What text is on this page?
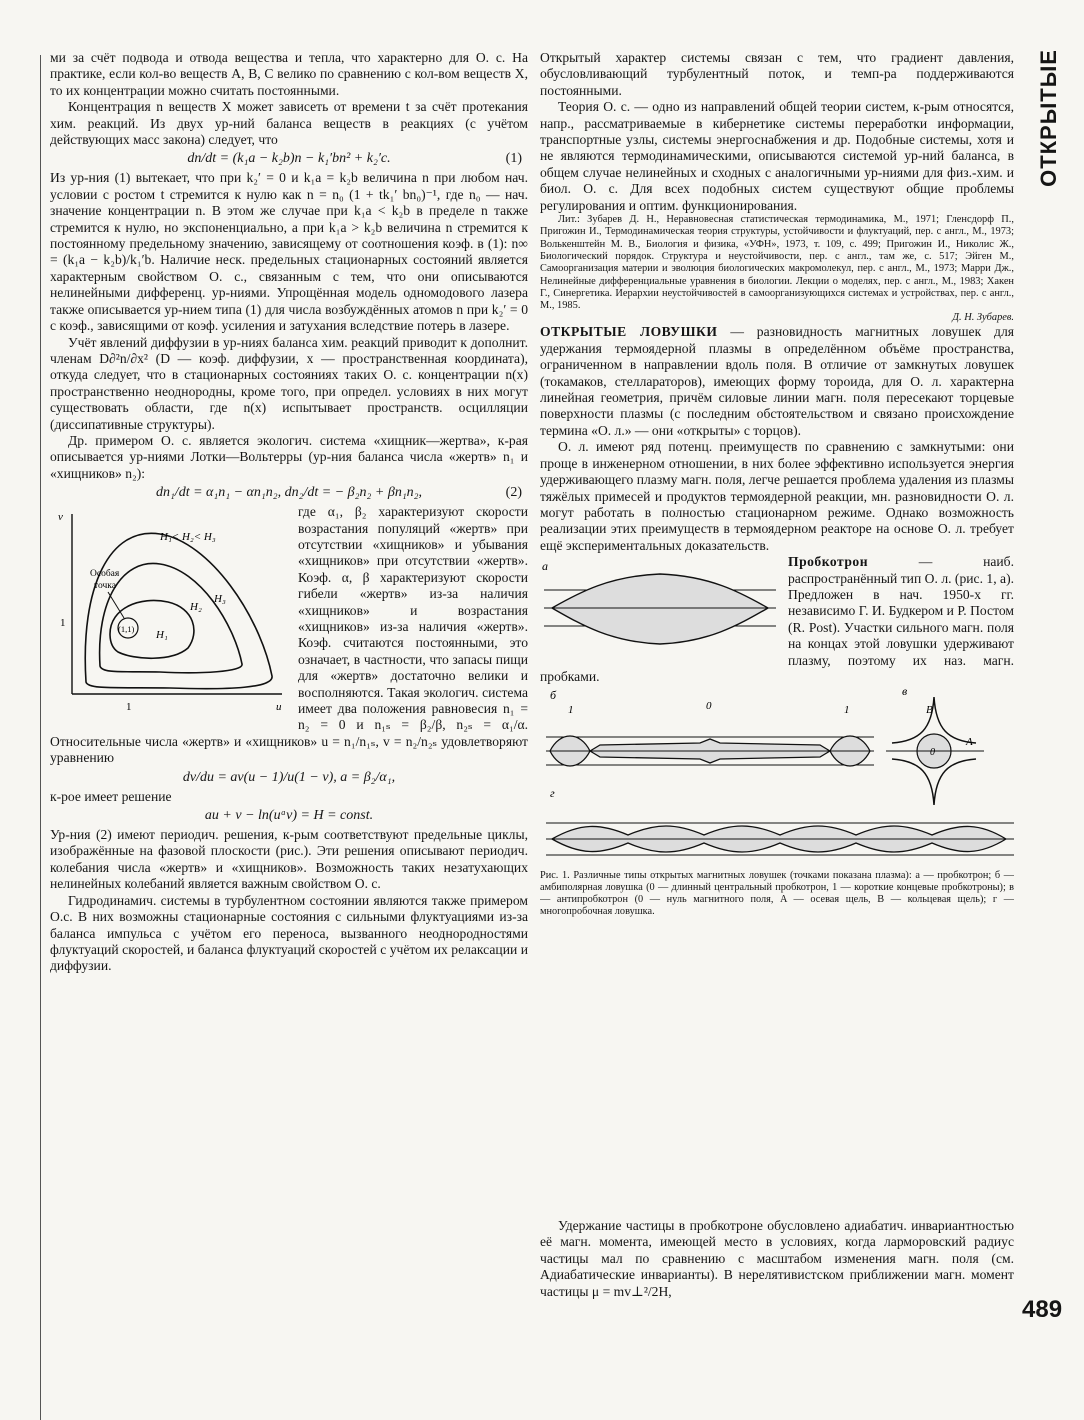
ОТКРЫТЫЕ

ми за счёт подвода и отвода вещества и тепла, что характерно для О. с. На практике, если кол-во веществ A, B, C велико по сравнению с кол-вом веществ X, то их концентрации можно считать постоянными.

Концентрация n веществ X может зависеть от времени t за счёт протекания хим. реакций. Из двух ур-ний баланса веществ в реакциях (с учётом действующих масс закона) следует, что

dn/dt = (k₁a − k₂b)n − k₁′bn² + k₂′c.	(1)

Из ур-ния (1) вытекает, что при k₂′ = 0 и k₁a = k₂b величина n при любом нач. условии с ростом t стремится к нулю как n = n₀ (1 + tk₁′ bn₀)⁻¹, где n₀ — нач. значение концентрации n. В этом же случае при k₁a < k₂b в пределе n также стремится к нулю, но экспоненциально, а при k₁a > k₂b величина n стремится к постоянному предельному значению, зависящему от соотношения коэф. в (1): n∞ = (k₁a − k₂b)/k₁′b. Наличие неск. предельных стационарных состояний является характерным свойством О. с., связанным с тем, что они описываются нелинейными дифференц. ур-ниями. Упрощённая модель одномодового лазера также описывается ур-нием типа (1) для числа возбуждённых атомов n при k₂′ = 0 с коэф., зависящими от коэф. усиления и затухания вследствие потерь в лазере.

Учёт явлений диффузии в ур-ниях баланса хим. реакций приводит к дополнит. членам D∂²n/∂x² (D — коэф. диффузии, x — пространственная координата), откуда следует, что в стационарных состояниях таких О. с. концентрации n(x) пространственно неоднородны, кроме того, при определ. условиях в них могут существовать области, где n(x) испытывает пространств. осцилляции (диссипативные структуры).

Др. примером О. с. является экологич. система «хищник—жертва», к-рая описывается ур-ниями Лотки—Вольтерры (ур-ния баланса числа «жертв» n₁ и «хищников» n₂):

dn₁/dt = α₁n₁ − αn₁n₂, dn₂/dt = − β₂n₂ + βn₁n₂,	(2)
v
u
1
1	(1,1)
Особая
точка
H₁< H₂< H₃
H₁
H₂
H₃

где α₁, β₂ характеризуют скорости возрастания популяций «жертв» при отсутствии «хищников» и убывания «хищников» при отсутствии «жертв». Коэф. α, β характеризуют скорости гибели «жертв» из-за наличия «хищников» и возрастания «хищников» из-за наличия «жертв». Коэф. считаются постоянными, это означает, в частности, что запасы пищи для «жертв» достаточно велики и восполняются. Такая экологич. система имеет два положения равновесия n₁ = n₂ = 0 и n₁ₛ = β₂/β, n₂ₛ = α₁/α. Относительные числа «жертв» и «хищников» u = n₁/n₁ₛ, v = n₂/n₂ₛ удовлетворяют уравнению

dv/du = av(u − 1)/u(1 − v), a = β₂/α₁,

к-рое имеет решение

au + v − ln(uᵃv) = H = const.

Ур-ния (2) имеют периодич. решения, к-рым соответствуют предельные циклы, изображённые на фазовой плоскости (рис.). Эти решения описывают периодич. колебания числа «жертв» и «хищников». Возможность таких незатухающих нелинейных колебаний является важным свойством О. с.

Гидродинамич. системы в турбулентном состоянии являются также примером О.с. В них возможны стационарные состояния с сильными флуктуациями из-за баланса импульса с учётом его переноса, вызванного неоднородностями флуктуаций скоростей, и баланса флуктуаций скоростей с учётом их релаксации и диффузии.

Открытый характер системы связан с тем, что градиент давления, обусловливающий турбулентный поток, и темп-ра поддерживаются постоянными.

Теория О. с. — одно из направлений общей теории систем, к-рым относятся, напр., рассматриваемые в кибернетике системы переработки информации, транспортные узлы, системы энергоснабжения и др. Подобные системы, хотя и не являются термодинамическими, описываются системой ур-ний баланса, в общем случае нелинейных и сходных с аналогичными ур-ниями для физ.-хим. и биол. О. с. Для всех подобных систем существуют общие проблемы регулирования и оптим. функционирования.

Лит.: Зубарев Д. Н., Неравновесная статистическая термодинамика, М., 1971; Гленсдорф П., Пригожин И., Термодинамическая теория структуры, устойчивости и флуктуаций, пер. с англ., М., 1973; Волькенштейн М. В., Биология и физика, «УФН», 1973, т. 109, с. 499; Пригожин И., Николис Ж., Биологический порядок. Структура и неустойчивости, пер. с англ., там же, с. 517; Эйген М., Самоорганизация материи и эволюция биологических макромолекул, пер. с англ., М., 1973; Марри Дж., Нелинейные дифференциальные уравнения в биологии. Лекции о моделях, пер. с англ., М., 1983; Хакен Г., Синергетика. Иерархии неустойчивостей в самоорганизующихся системах и устройствах, пер. с англ., М., 1985.

Д. Н. Зубарев.

ОТКРЫТЫЕ ЛОВУШКИ — разновидность магнитных ловушек для удержания термоядерной плазмы в определённом объёме пространства, ограниченном в направлении вдоль поля. В отличие от замкнутых ловушек (токамаков, стеллараторов), имеющих форму тороида, для О. л. характерна линейная геометрия, причём силовые линии магн. поля пересекают торцевые поверхности плазмы (с последним обстоятельством и связано происхождение термина «О. л.» — они «открыты» с торцов).

О. л. имеют ряд потенц. преимуществ по сравнению с замкнутыми: они проще в инженерном отношении, в них более эффективно используется энергия удерживающего плазму магн. поля, легче решается проблема удаления из плазмы тяжёлых примесей и продуктов термоядерной реакции, мн. разновидности О. л. могут работать в полностью стационарном режиме. Однако возможность реализации этих преимуществ в термоядерном реакторе на основе О. л. требует ещё экспериментальных доказательств.

а	Пробкотрон — наиб. распространённый тип О. л. (рис. 1, а). Предложен в нач. 1950-х гг. независимо Г. И. Будкером и Р. Постом (R. Post). Участки сильного магн. поля на концах этой ловушки удерживают плазму, поэтому их наз. магн. пробками.

б	в
1	0	1	B
0
A
г

Рис. 1. Различные типы открытых магнитных ловушек (точками показана плазма): а — пробкотрон; б — амбиполярная ловушка (0 — длинный центральный пробкотрон, 1 — короткие концевые пробкотроны); в — антипробкотрон (0 — нуль магнитного поля, A — осевая щель, B — кольцевая щель); г — многопробочная ловушка.

Удержание частицы в пробкотроне обусловлено адиабатич. инвариантностью её магн. момента, имеющей место в условиях, когда ларморовский радиус частицы мал по сравнению с масштабом изменения магн. поля (см. Адиабатические инварианты). В нерелятивистском приближении магн. момент частицы μ = mv⊥²/2H,

489
